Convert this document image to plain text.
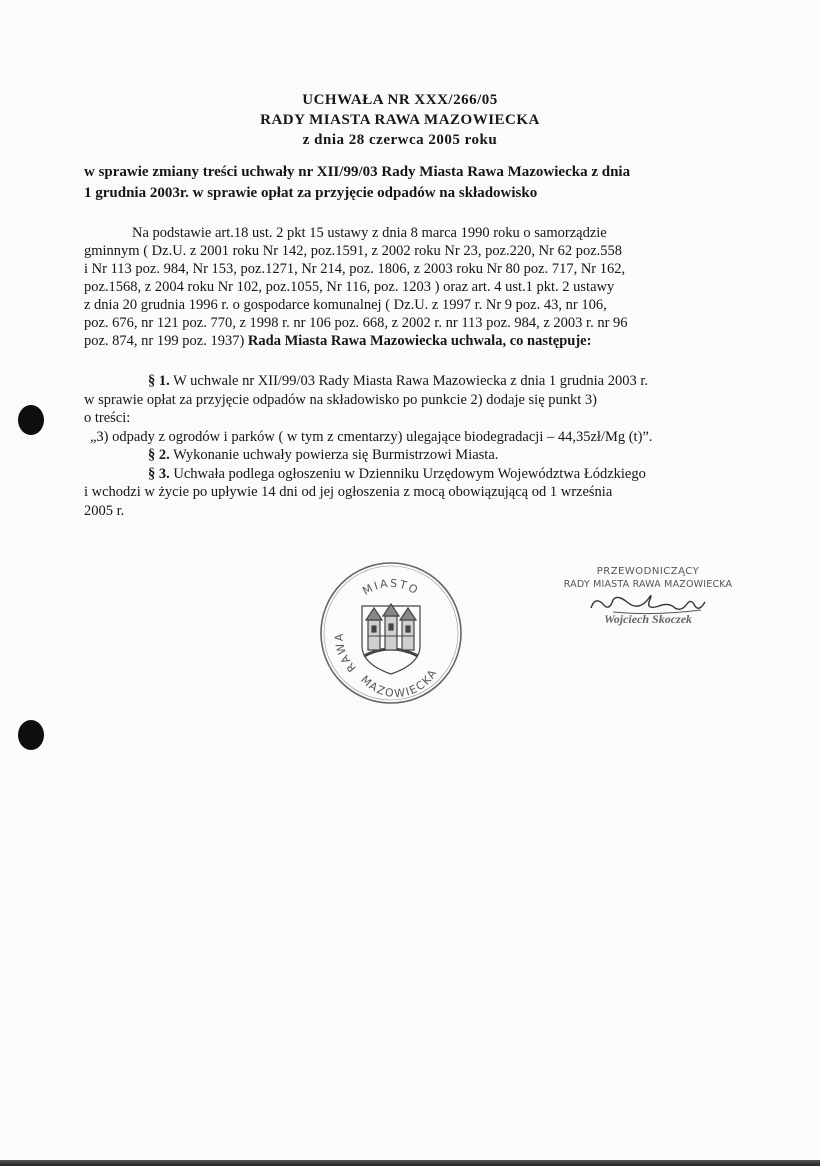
UCHWAŁA NR XXX/266/05
RADY MIASTA RAWA MAZOWIECKA
z dnia 28 czerwca 2005 roku
w sprawie zmiany treści uchwały nr XII/99/03 Rady Miasta Rawa Mazowiecka z dnia
1 grudnia 2003r. w sprawie opłat za przyjęcie odpadów na składowisko
Na podstawie art.18 ust. 2 pkt 15 ustawy z dnia 8 marca 1990 roku o samorządzie
gminnym ( Dz.U. z 2001 roku Nr 142, poz.1591, z 2002 roku Nr 23, poz.220, Nr 62 poz.558
i Nr 113 poz. 984, Nr 153, poz.1271, Nr 214, poz. 1806, z 2003 roku Nr 80 poz. 717, Nr 162,
poz.1568, z 2004 roku Nr 102, poz.1055, Nr 116, poz. 1203 ) oraz art. 4 ust.1 pkt. 2 ustawy
z dnia 20 grudnia 1996 r. o gospodarce komunalnej ( Dz.U. z 1997 r. Nr 9 poz. 43, nr 106,
poz. 676, nr 121 poz. 770, z 1998 r. nr 106 poz. 668, z 2002 r. nr 113 poz. 984, z 2003 r. nr 96
poz. 874, nr 199 poz. 1937) Rada Miasta Rawa Mazowiecka uchwala, co następuje:
§ 1. W uchwale nr XII/99/03 Rady Miasta Rawa Mazowiecka z dnia 1 grudnia 2003 r.
w sprawie opłat za przyjęcie odpadów na składowisko po punkcie 2) dodaje się punkt 3)
o treści:
„3) odpady z ogrodów i parków ( w tym z cmentarzy) ulegające biodegradacji – 44,35zł/Mg (t)”.
§ 2. Wykonanie uchwały powierza się Burmistrzowi Miasta.
§ 3. Uchwała podlega ogłoszeniu w Dzienniku Urzędowym Województwa Łódzkiego
i wchodzi w życie po upływie 14 dni od jej ogłoszenia z mocą obowiązującą od 1 września
2005 r.
MIASTO
RAWA
MAZOWIECKA
PRZEWODNICZĄCY
RADY MIASTA RAWA MAZOWIECKA
Wojciech Skoczek
